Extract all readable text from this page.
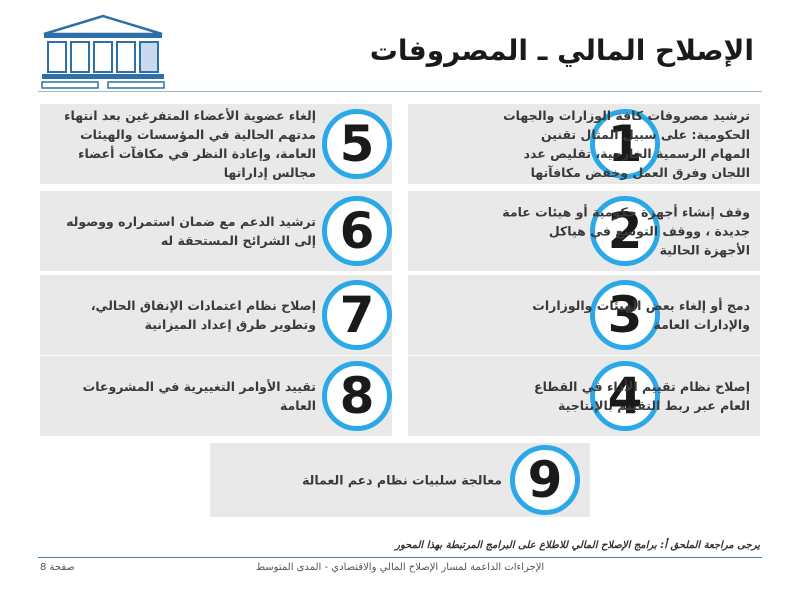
الإصلاح المالي ـ المصروفات
1
ترشيد مصروفات كافة الوزارات والجهات الحكومية: على سبيل المثال تقنين المهام الرسمية الخارجية، تقليص عدد اللجان وفرق العمل وخفض مكافآتها
2
وقف إنشاء أجهزة حكومية أو هيئات عامة جديدة ، ووقف التوسع في هياكل الأجهزة الحالية
3
دمج أو إلغاء بعض الهيئات والوزارات والإدارات العامة
4
إصلاح نظام تقييم الأداء في القطاع العام عبر ربط التقييم بالإنتاجية
5
إلغاء عضوية الأعضاء المتفرغين بعد انتهاء مدتهم الحالية في المؤسسات والهيئات العامة، وإعادة النظر في مكافآت أعضاء مجالس إداراتها
6
ترشيد الدعم مع ضمان استمراره ووصوله إلى الشرائح المستحقة له
7
إصلاح نظام اعتمادات الإنفاق الحالي، وتطوير طرق إعداد الميزانية
8
تقييد الأوامر التغييرية في المشروعات العامة
9
معالجة سلبيات نظام دعم العمالة

يرجى مراجعة الملحق أ: برامج الإصلاح المالي للاطلاع على البرامج المرتبطة بهذا المحور

الإجراءات الداعمة لمسار الإصلاح المالي والاقتصادي - المدى المتوسط
صفحة 8
